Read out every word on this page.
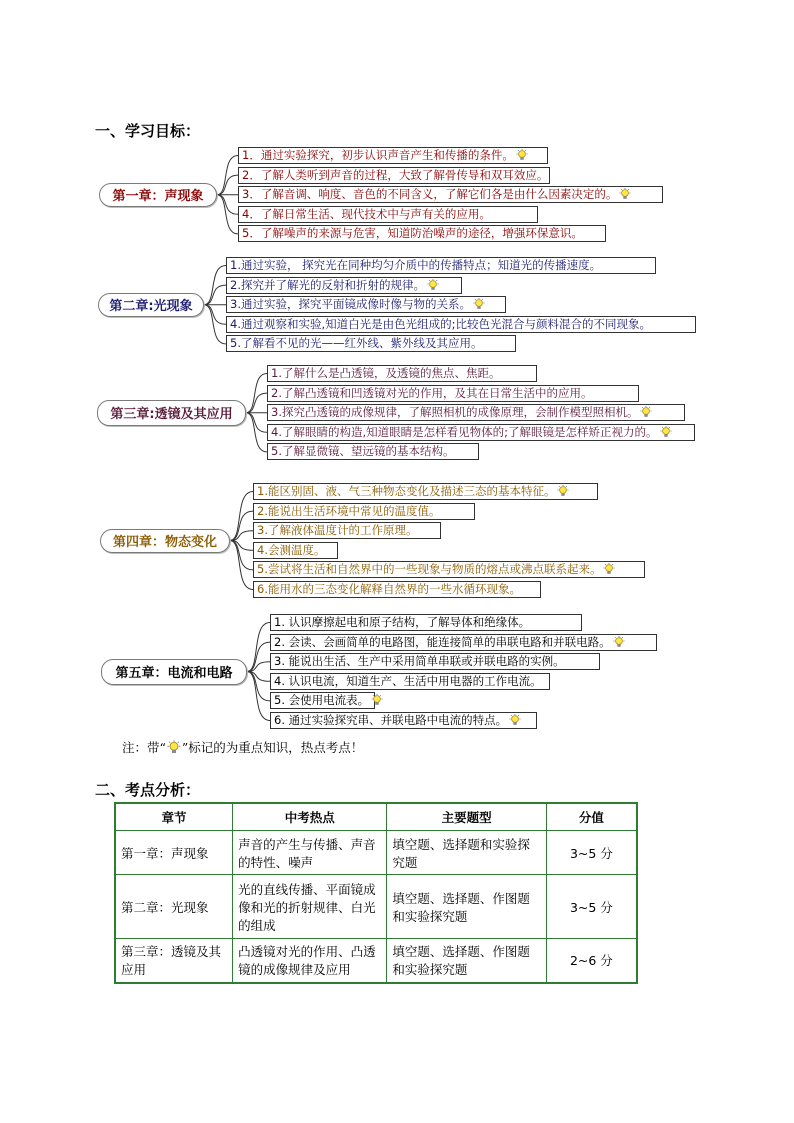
一、学习目标：
第一章：声现象
1．通过实验探究，初步认识声音产生和传播的条件。
2．了解人类听到声音的过程，大致了解骨传导和双耳效应。
3．了解音调、响度、音色的不同含义，了解它们各是由什么因素决定的。
4．了解日常生活、现代技术中与声有关的应用。
5．了解噪声的来源与危害，知道防治噪声的途径，增强环保意识。
第二章:光现象
1.通过实验， 探究光在同种均匀介质中的传播特点；知道光的传播速度。
2.探究并了解光的反射和折射的规律。
3.通过实验，探究平面镜成像时像与物的关系。
4.通过观察和实验,知道白光是由色光组成的;比较色光混合与颜料混合的不同现象。
5.了解看不见的光——红外线、紫外线及其应用。
第三章:透镜及其应用
1.了解什么是凸透镜，及透镜的焦点、焦距。
2.了解凸透镜和凹透镜对光的作用，及其在日常生活中的应用。
3.探究凸透镜的成像规律，了解照相机的成像原理，会制作模型照相机。
4.了解眼睛的构造,知道眼睛是怎样看见物体的;了解眼镜是怎样矫正视力的。
5.了解显微镜、望远镜的基本结构。
第四章：物态变化
1.能区别固、液、气三种物态变化及描述三态的基本特征。
2.能说出生活环境中常见的温度值。
3.了解液体温度计的工作原理。
4.会测温度。
5.尝试将生活和自然界中的一些现象与物质的熔点或沸点联系起来。
6.能用水的三态变化解释自然界的一些水循环现象。
第五章：电流和电路
1. 认识摩擦起电和原子结构，了解导体和绝缘体。
2. 会读、会画简单的电路图，能连接简单的串联电路和并联电路。
3. 能说出生活、生产中采用简单串联或并联电路的实例。
4. 认识电流，知道生产、生活中用电器的工作电流。
5. 会使用电流表。
6. 通过实验探究串、并联电路中电流的特点。
注：带“ ”标记的为重点知识，热点考点！
二、考点分析：
章节	中考热点	主要题型	分值
第一章：声现象	声音的产生与传播、声音的特性、噪声	填空题、选择题和实验探究题	3~5 分
第二章：光现象	光的直线传播、平面镜成像和光的折射规律、白光的组成	填空题、选择题、作图题和实验探究题	3~5 分
第三章：透镜及其应用	凸透镜对光的作用、凸透镜的成像规律及应用	填空题、选择题、作图题和实验探究题	2~6 分
